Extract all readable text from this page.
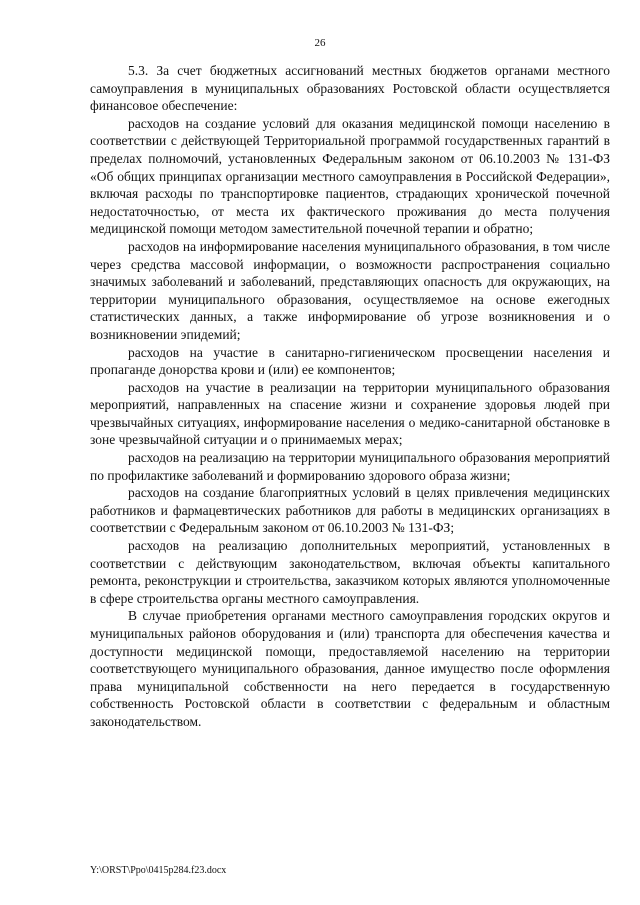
26

5.3. За счет бюджетных ассигнований местных бюджетов органами местного самоуправления в муниципальных образованиях Ростовской области осуществляется финансовое обеспечение:

расходов на создание условий для оказания медицинской помощи населению в соответствии с действующей Территориальной программой государственных гарантий в пределах полномочий, установленных Федеральным законом от 06.10.2003 № 131-ФЗ «Об общих принципах организации местного самоуправления в Российской Федерации», включая расходы по транспортировке пациентов, страдающих хронической почечной недостаточностью, от места их фактического проживания до места получения медицинской помощи методом заместительной почечной терапии и обратно;

расходов на информирование населения муниципального образования, в том числе через средства массовой информации, о возможности распространения социально значимых заболеваний и заболеваний, представляющих опасность для окружающих, на территории муниципального образования, осуществляемое на основе ежегодных статистических данных, а также информирование об угрозе возникновения и о возникновении эпидемий;

расходов на участие в санитарно-гигиеническом просвещении населения и пропаганде донорства крови и (или) ее компонентов;

расходов на участие в реализации на территории муниципального образования мероприятий, направленных на спасение жизни и сохранение здоровья людей при чрезвычайных ситуациях, информирование населения о медико-санитарной обстановке в зоне чрезвычайной ситуации и о принимаемых мерах;

расходов на реализацию на территории муниципального образования мероприятий по профилактике заболеваний и формированию здорового образа жизни;

расходов на создание благоприятных условий в целях привлечения медицинских работников и фармацевтических работников для работы в медицинских организациях в соответствии с Федеральным законом от 06.10.2003 № 131-ФЗ;

расходов на реализацию дополнительных мероприятий, установленных в соответствии с действующим законодательством, включая объекты капитального ремонта, реконструкции и строительства, заказчиком которых являются уполномоченные в сфере строительства органы местного самоуправления.

В случае приобретения органами местного самоуправления городских округов и муниципальных районов оборудования и (или) транспорта для обеспечения качества и доступности медицинской помощи, предоставляемой населению на территории соответствующего муниципального образования, данное имущество после оформления права муниципальной собственности на него передается в государственную собственность Ростовской области в соответствии с федеральным и областным законодательством.

Y:\ORST\Ppo\0415p284.f23.docx
